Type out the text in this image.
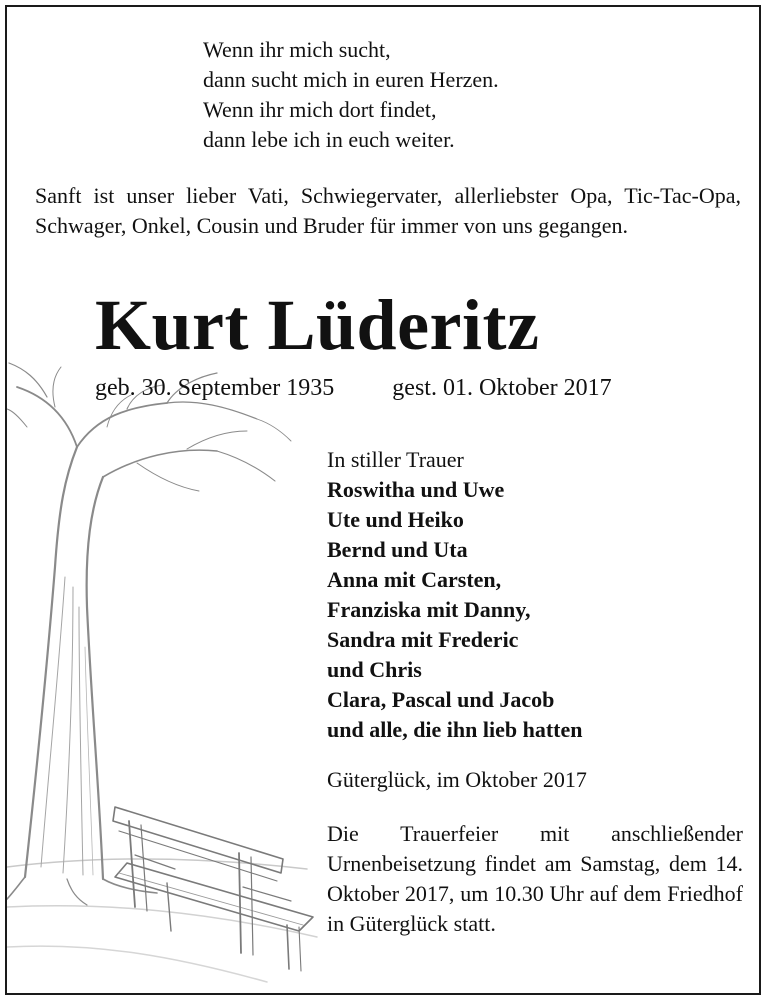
Wenn ihr mich sucht,
dann sucht mich in euren Herzen.
Wenn ihr mich dort findet,
dann lebe ich in euch weiter.
Sanft ist unser lieber Vati, Schwiegervater, allerliebster Opa, Tic-Tac-Opa, Schwager, Onkel, Cousin und Bruder für immer von uns gegangen.
Kurt Lüderitz
geb. 30. September 1935 gest. 01. Oktober 2017
In stiller Trauer
Roswitha und Uwe
Ute und Heiko
Bernd und Uta
Anna mit Carsten,
Franziska mit Danny,
Sandra mit Frederic
und Chris
Clara, Pascal und Jacob
und alle, die ihn lieb hatten
Güterglück, im Oktober 2017
Die Trauerfeier mit anschließender Urnenbeisetzung findet am Samstag, dem 14. Oktober 2017, um 10.30 Uhr auf dem Friedhof in Güterglück statt.
